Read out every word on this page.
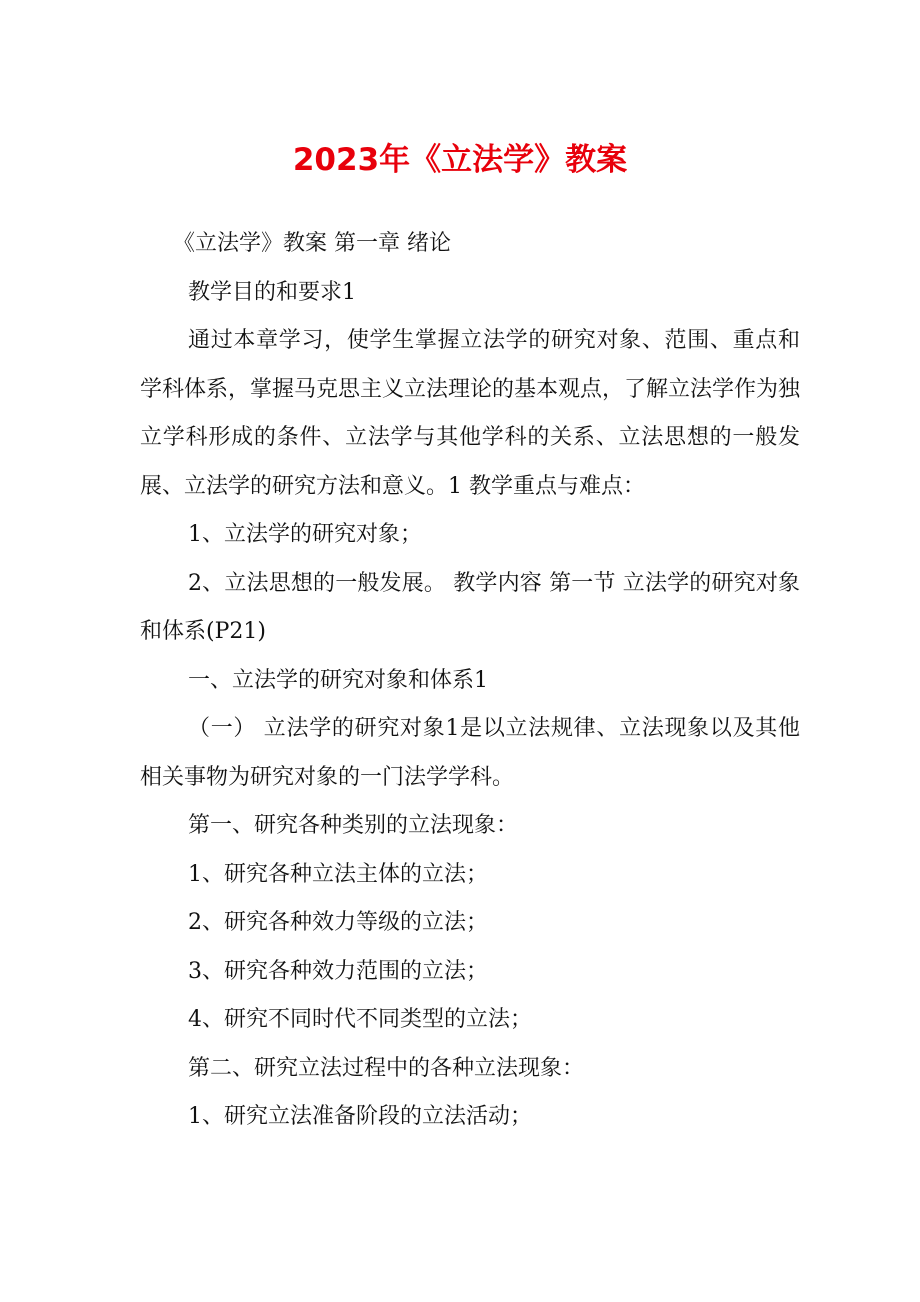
2023年《立法学》教案

《立法学》教案 第一章 绪论

教学目的和要求1

通过本章学习，使学生掌握立法学的研究对象、范围、重点和学科体系，掌握马克思主义立法理论的基本观点，了解立法学作为独立学科形成的条件、立法学与其他学科的关系、立法思想的一般发展、立法学的研究方法和意义。1 教学重点与难点：

1、立法学的研究对象；

2、立法思想的一般发展。 教学内容 第一节 立法学的研究对象和体系(P21)

一、立法学的研究对象和体系1

（一） 立法学的研究对象1是以立法规律、立法现象以及其他相关事物为研究对象的一门法学学科。

第一、研究各种类别的立法现象：

1、研究各种立法主体的立法；

2、研究各种效力等级的立法；

3、研究各种效力范围的立法；

4、研究不同时代不同类型的立法；

第二、研究立法过程中的各种立法现象：

1、研究立法准备阶段的立法活动；
